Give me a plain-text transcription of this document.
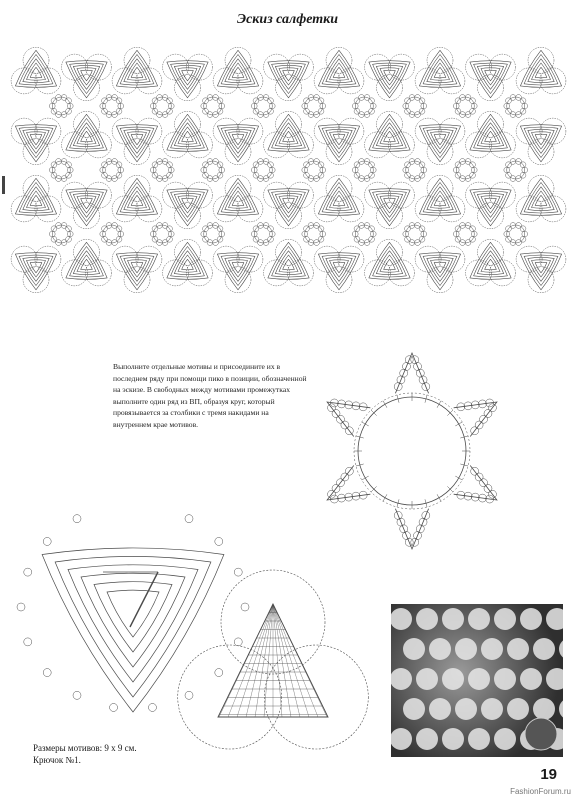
Эскиз салфетки
Выполните отдельные мотивы и присоедините их в последнем ряду при помощи пико в позиции, обозначенной на эскизе. В свободных между мотивами промежутках выполните один ряд из ВП, образуя круг, который провязывается за столбики с тремя накидами на внутреннем крае мотивов.
Размеры мотивов: 9 х 9 см.
Крючок №1.
19
FashionForum.ru
